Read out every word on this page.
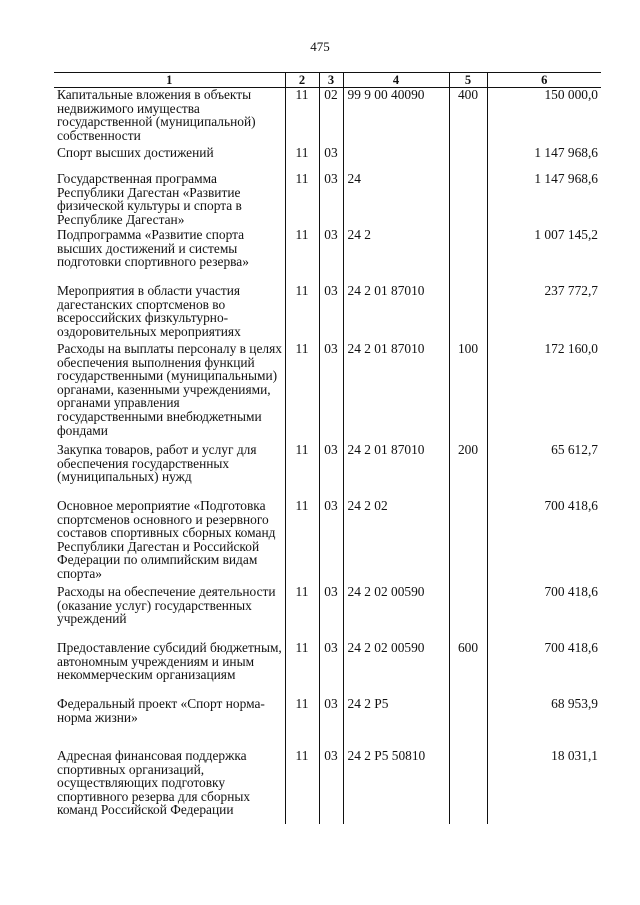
475
1	2	3	4	5	6
Капитальные вложения в объекты недвижимого имущества государственной (муниципальной) собственности	11	02	99 9 00 40090	400	150 000,0
Спорт высших достижений	11	03			1 147 968,6
Государственная программа Республики Дагестан «Развитие физической культуры и спорта в Республике Дагестан»	11	03	24		1 147 968,6
Подпрограмма «Развитие спорта высших достижений и системы подготовки спортивного резерва»	11	03	24 2		1 007 145,2
Мероприятия в области участия дагестанских спортсменов во всероссийских физкультурно-оздоровительных мероприятиях	11	03	24 2 01 87010		237 772,7
Расходы на выплаты персоналу в целях обеспечения выполнения функций государственными (муниципальными) органами, казенными учреждениями, органами управления государственными внебюджетными фондами	11	03	24 2 01 87010	100	172 160,0
Закупка товаров, работ и услуг для обеспечения государственных (муниципальных) нужд	11	03	24 2 01 87010	200	65 612,7
Основное мероприятие «Подготовка спортсменов основного и резервного составов спортивных сборных команд Республики Дагестан и Российской Федерации по олимпийским видам спорта»	11	03	24 2 02		700 418,6
Расходы на обеспечение деятельности (оказание услуг) государственных учреждений	11	03	24 2 02 00590		700 418,6
Предоставление субсидий бюджетным, автономным учреждениям и иным некоммерческим организациям	11	03	24 2 02 00590	600	700 418,6
Федеральный проект «Спорт норма-норма жизни»	11	03	24 2 P5		68 953,9
Адресная финансовая поддержка спортивных организаций, осуществляющих подготовку спортивного резерва для сборных команд Российской Федерации	11	03	24 2 P5 50810		18 031,1
